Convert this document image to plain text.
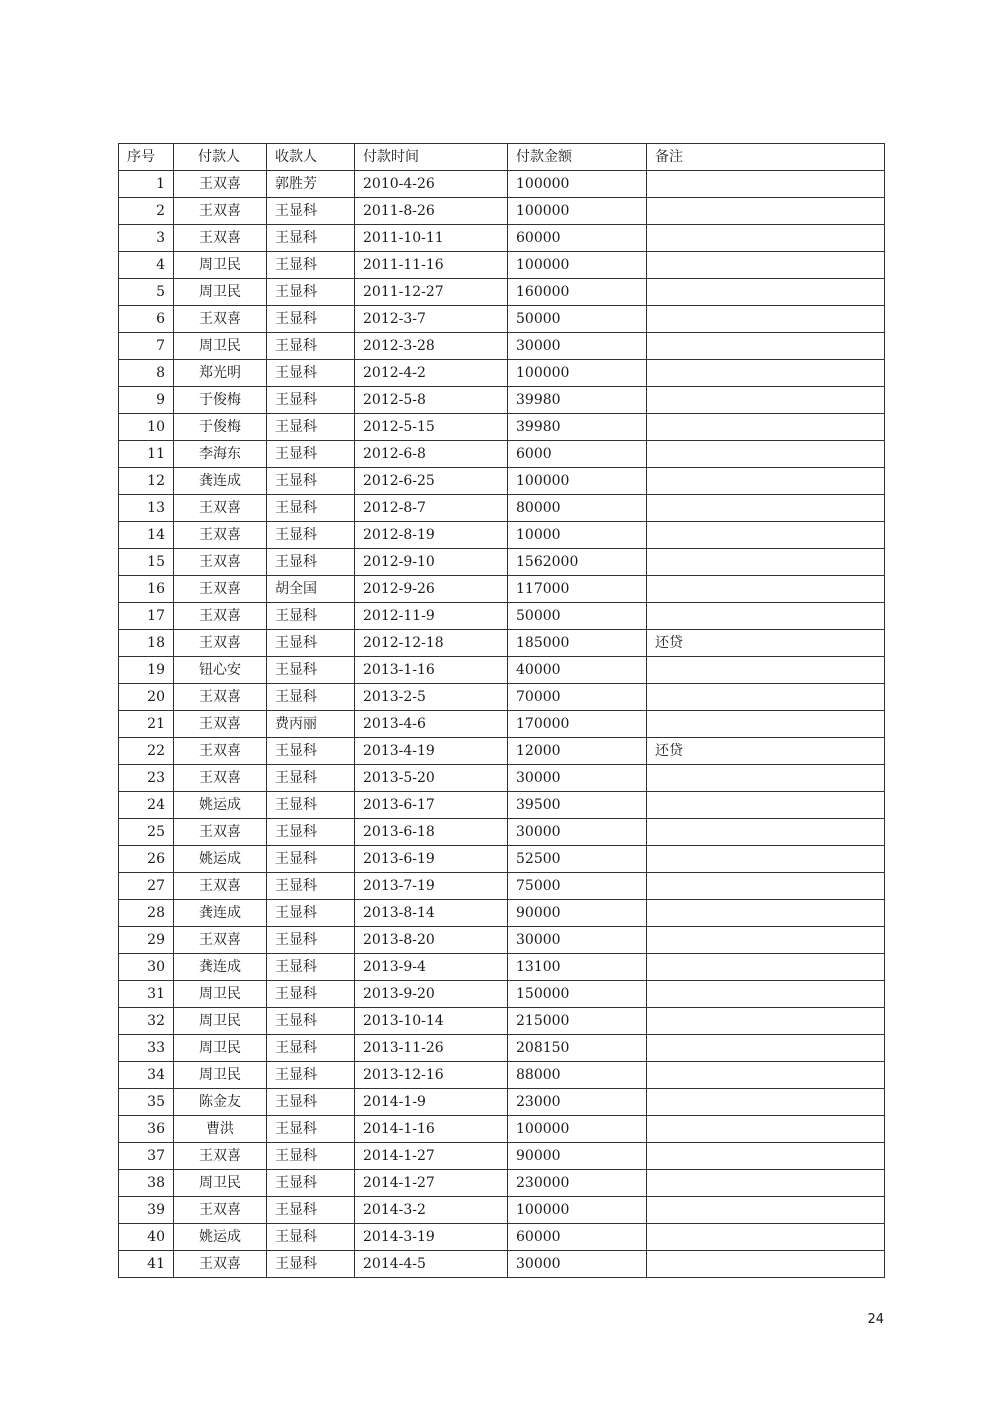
序号	付款人	收款人	付款时间	付款金额	备注
1	王双喜	郭胜芳	2010-4-26	100000	
2	王双喜	王显科	2011-8-26	100000	
3	王双喜	王显科	2011-10-11	60000	
4	周卫民	王显科	2011-11-16	100000	
5	周卫民	王显科	2011-12-27	160000	
6	王双喜	王显科	2012-3-7	50000	
7	周卫民	王显科	2012-3-28	30000	
8	郑光明	王显科	2012-4-2	100000	
9	于俊梅	王显科	2012-5-8	39980	
10	于俊梅	王显科	2012-5-15	39980	
11	李海东	王显科	2012-6-8	6000	
12	龚连成	王显科	2012-6-25	100000	
13	王双喜	王显科	2012-8-7	80000	
14	王双喜	王显科	2012-8-19	10000	
15	王双喜	王显科	2012-9-10	1562000	
16	王双喜	胡全国	2012-9-26	117000	
17	王双喜	王显科	2012-11-9	50000	
18	王双喜	王显科	2012-12-18	185000	还贷
19	钮心安	王显科	2013-1-16	40000	
20	王双喜	王显科	2013-2-5	70000	
21	王双喜	费丙丽	2013-4-6	170000	
22	王双喜	王显科	2013-4-19	12000	还贷
23	王双喜	王显科	2013-5-20	30000	
24	姚运成	王显科	2013-6-17	39500	
25	王双喜	王显科	2013-6-18	30000	
26	姚运成	王显科	2013-6-19	52500	
27	王双喜	王显科	2013-7-19	75000	
28	龚连成	王显科	2013-8-14	90000	
29	王双喜	王显科	2013-8-20	30000	
30	龚连成	王显科	2013-9-4	13100	
31	周卫民	王显科	2013-9-20	150000	
32	周卫民	王显科	2013-10-14	215000	
33	周卫民	王显科	2013-11-26	208150	
34	周卫民	王显科	2013-12-16	88000	
35	陈金友	王显科	2014-1-9	23000	
36	曹洪	王显科	2014-1-16	100000	
37	王双喜	王显科	2014-1-27	90000	
38	周卫民	王显科	2014-1-27	230000	
39	王双喜	王显科	2014-3-2	100000	
40	姚运成	王显科	2014-3-19	60000	
41	王双喜	王显科	2014-4-5	30000	
24
